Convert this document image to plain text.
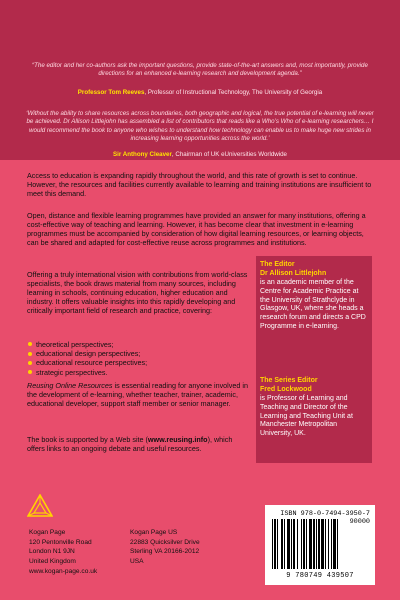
“The editor and her co-authors ask the important questions, provide state-of-the-art answers and, most importantly, provide directions for an enhanced e-learning research and development agenda.”

Professor Tom Reeves, Professor of Instructional Technology, The University of Georgia

‘Without the ability to share resources across boundaries, both geographic and logical, the true potential of e-learning will never be achieved. Dr Allison Littlejohn has assembled a list of contributors that reads like a Who’s Who of e-learning researchers… I would recommend the book to anyone who wishes to understand how technology can enable us to make huge new strides in increasing learning opportunities across the world.’

Sir Anthony Cleaver, Chairman of UK eUniversities Worldwide

Access to education is expanding rapidly throughout the world, and this rate of growth is set to continue. However, the resources and facilities currently available to learning and training institutions are insufficient to meet this demand.

Open, distance and flexible learning programmes have provided an answer for many institutions, offering a cost-effective way of teaching and learning. However, it has become clear that investment in e-learning programmes must be accompanied by consideration of how digital learning resources, or learning objects, can be shared and adapted for cost-effective reuse across programmes and institutions.

Offering a truly international vision with contributions from world-class specialists, the book draws material from many sources, including learning in schools, continuing education, higher education and industry. It offers valuable insights into this rapidly developing and critically important field of research and practice, covering:

theoretical perspectives;
educational design perspectives;
educational resource perspectives;
strategic perspectives.

Reusing Online Resources is essential reading for anyone involved in the development of e-learning, whether teacher, trainer, academic, educational developer, support staff member or senior manager.

The book is supported by a Web site (www.reusing.info), which offers links to an ongoing debate and useful resources.

The Editor

Dr Allison Littlejohn

is an academic member of the Centre for Academic Practice at the University of Strathclyde in Glasgow, UK, where she heads a research forum and directs a CPD Programme in e-learning.

The Series Editor

Fred Lockwood

is Professor of Learning and Teaching and Director of the Learning and Teaching Unit at Manchester Metropolitan University, UK.

Kogan Page
120 Pentonville Road
London N1 9JN
United Kingdom
www.kogan-page.co.uk
Kogan Page US
22883 Quicksilver Drive
Sterling VA 20166-2012
USA

ISBN 978-0-7494-3950-7
90000

9 780749 439507
